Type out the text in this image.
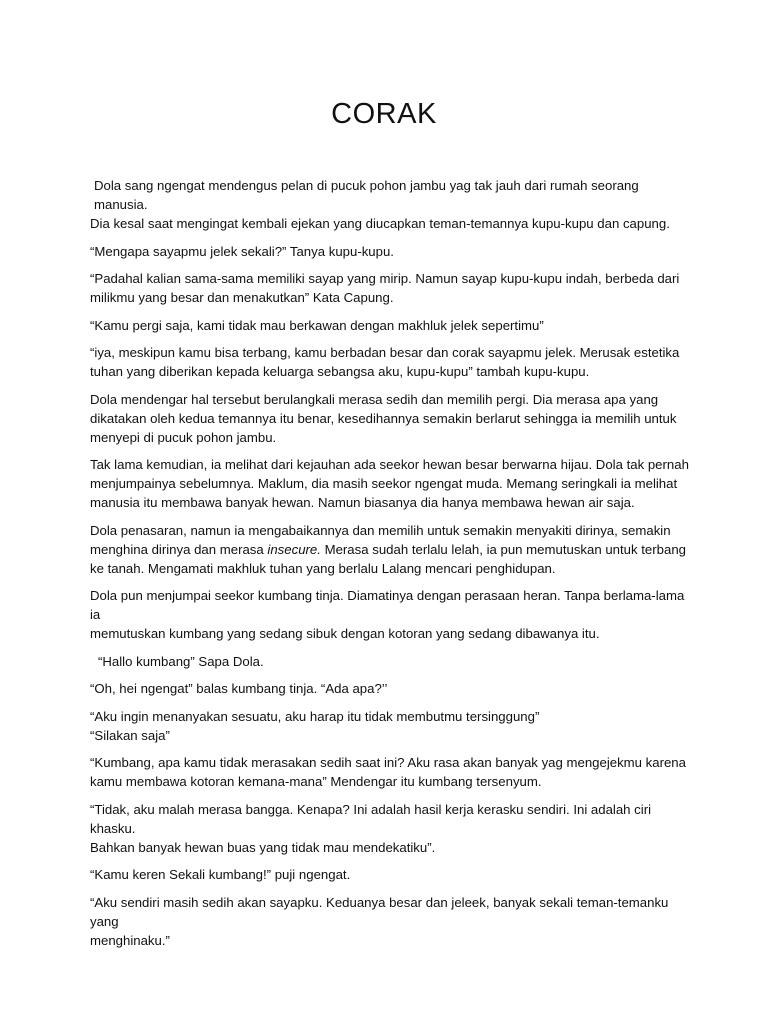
CORAK

Dola sang ngengat mendengus pelan di pucuk pohon jambu yag tak jauh dari rumah seorang manusia.
Dia kesal saat mengingat kembali ejekan yang diucapkan teman-temannya kupu-kupu dan capung.

“Mengapa sayapmu jelek sekali?” Tanya kupu-kupu.

“Padahal kalian sama-sama memiliki sayap yang mirip. Namun sayap kupu-kupu indah, berbeda dari
milikmu yang besar dan menakutkan” Kata Capung.

“Kamu pergi saja, kami tidak mau berkawan dengan makhluk jelek sepertimu”

“iya, meskipun kamu bisa terbang, kamu berbadan besar dan corak sayapmu jelek. Merusak estetika
tuhan yang diberikan kepada keluarga sebangsa aku, kupu-kupu” tambah kupu-kupu.

Dola mendengar hal tersebut berulangkali merasa sedih dan memilih pergi. Dia merasa apa yang
dikatakan oleh kedua temannya itu benar, kesedihannya semakin berlarut sehingga ia memilih untuk
menyepi di pucuk pohon jambu.

Tak lama kemudian, ia melihat dari kejauhan ada seekor hewan besar berwarna hijau. Dola tak pernah
menjumpainya sebelumnya. Maklum, dia masih seekor ngengat muda. Memang seringkali ia melihat
manusia itu membawa banyak hewan. Namun biasanya dia hanya membawa hewan air saja.

Dola penasaran, namun ia mengabaikannya dan memilih untuk semakin menyakiti dirinya, semakin
menghina dirinya dan merasa insecure. Merasa sudah terlalu lelah, ia pun memutuskan untuk terbang
ke tanah. Mengamati makhluk tuhan yang berlalu Lalang mencari penghidupan.

Dola pun menjumpai seekor kumbang tinja. Diamatinya dengan perasaan heran. Tanpa berlama-lama ia
memutuskan kumbang yang sedang sibuk dengan kotoran yang sedang dibawanya itu.

“Hallo kumbang” Sapa Dola.

“Oh, hei ngengat” balas kumbang tinja. “Ada apa?’’

“Aku ingin menanyakan sesuatu, aku harap itu tidak membutmu tersinggung”
“Silakan saja”

“Kumbang, apa kamu tidak merasakan sedih saat ini? Aku rasa akan banyak yag mengejekmu karena
kamu membawa kotoran kemana-mana” Mendengar itu kumbang tersenyum.

“Tidak, aku malah merasa bangga. Kenapa? Ini adalah hasil kerja kerasku sendiri. Ini adalah ciri khasku.
Bahkan banyak hewan buas yang tidak mau mendekatiku”.

“Kamu keren Sekali kumbang!” puji ngengat.

“Aku sendiri masih sedih akan sayapku. Keduanya besar dan jeleek, banyak sekali teman-temanku yang
menghinaku.”
